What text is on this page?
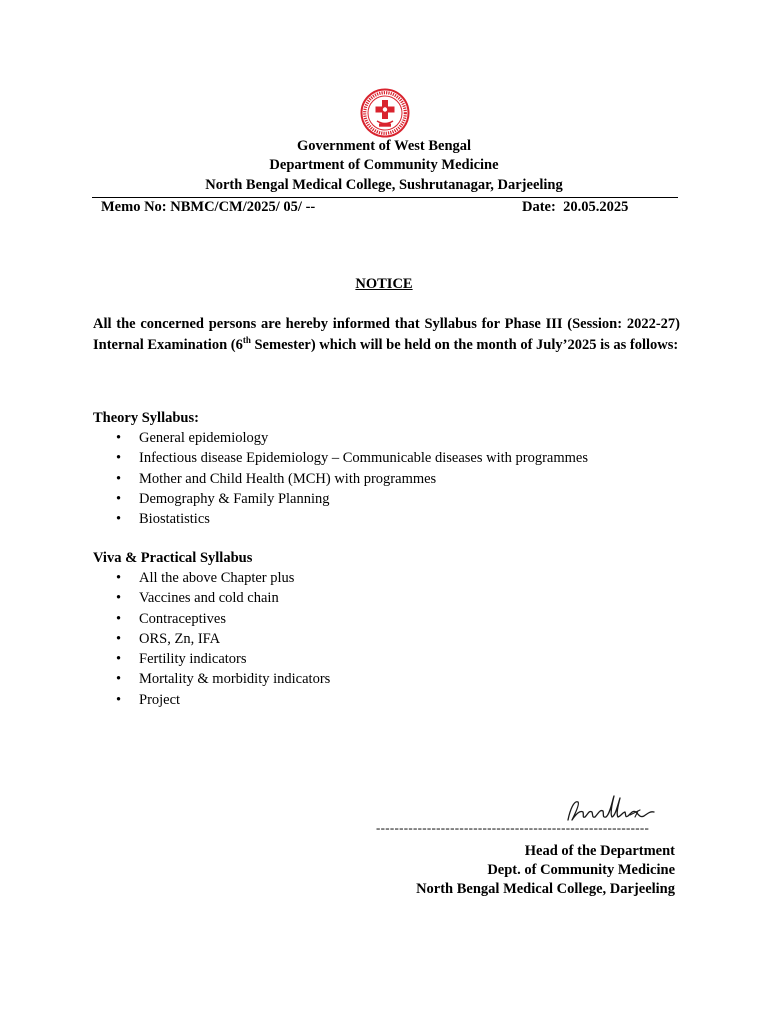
Government of West Bengal
Department of Community Medicine
North Bengal Medical College, Sushrutanagar, Darjeeling
Memo No: NBMC/CM/2025/ 05/ --	Date:  20.05.2025
NOTICE
All the concerned persons are hereby informed that Syllabus for Phase III (Session: 2022-27) Internal Examination (6th Semester) which will be held on the month of July’2025 is as follows:
Theory Syllabus:
• General epidemiology
• Infectious disease Epidemiology – Communicable diseases with programmes
• Mother and Child Health (MCH) with programmes
• Demography & Family Planning
• Biostatistics
Viva & Practical Syllabus
• All the above Chapter plus
• Vaccines and cold chain
• Contraceptives
• ORS, Zn, IFA
• Fertility indicators
• Mortality & morbidity indicators
• Project
-----------------------------------------------------------
Head of the Department
Dept. of Community Medicine
North Bengal Medical College, Darjeeling
